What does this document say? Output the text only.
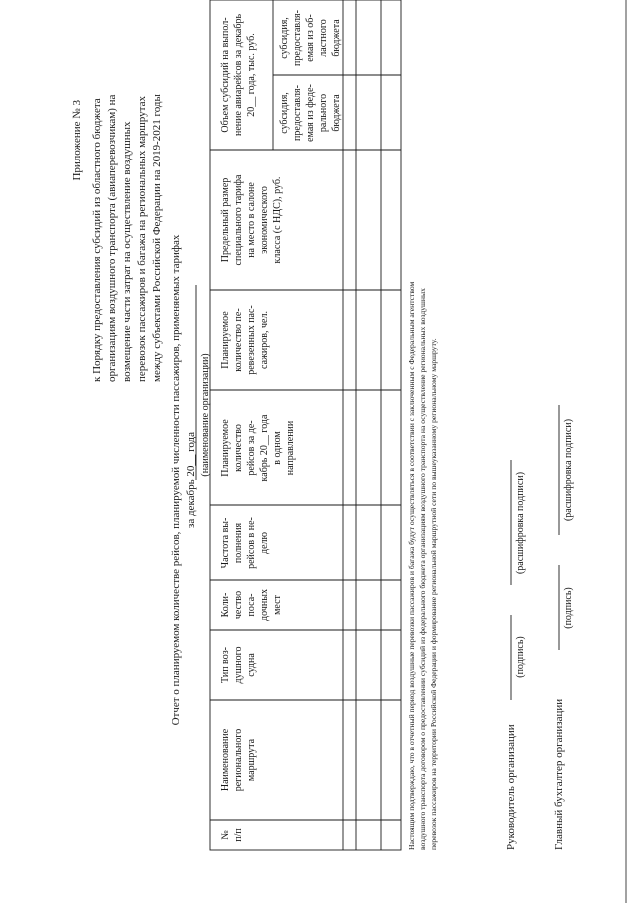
Приложение № 3 к Порядку предоставления субсидий из областного бюджета организациям воздушного транспорта (авиаперевозчикам) на возмещение части затрат на осуществление воздушных перевозок пассажиров и багажа на региональных маршрутах между субъектами Российской Федерации на 2019-2021 годы Отчет о планируемом количестве рейсов, планируемой численности пассажиров, применяемых тарифах за декабрь 20__ года
(наименование организации)
№ п/п
Наименование регионального маршрута
Тип воз- душного судна
Коли- чество поса- дочных мест
Частота вы- полнения рейсов в не- делю
Планируемое количество рейсов за де- кабрь 20__ года в одном направлении
Планируемое количество пе- ревезенных пас- сажиров, чел.
Предельный размер специального тарифа на место в салоне экономического класса (с НДС), руб.
Объем субсидий на выпол- нение авиарейсов за декабрь 20__ года, тыс. руб. субсидия, предоставля- емая из феде- рального бюджета
субсидия, предоставля- емая из об- ластного бюджета
Настоящим подтверждаю, что в отчетный период воздушные перевозки пассажиров и багажа будут осуществляться в соответствии с заключенным с Федеральным агентством воздушного транспорта договором о предоставлении субсидий из федерального бюджета организациям воздушного транспорта на осуществление региональных воздушных перевозок пассажиров на территории Российской Федерации и формирование региональной маршрутной сети по вышеуказанному региональному маршруту.	Руководитель организации
(подпись)
(расшифровка подписи)
Главный бухгалтер организации
(подпись)
(расшифровка подписи)
